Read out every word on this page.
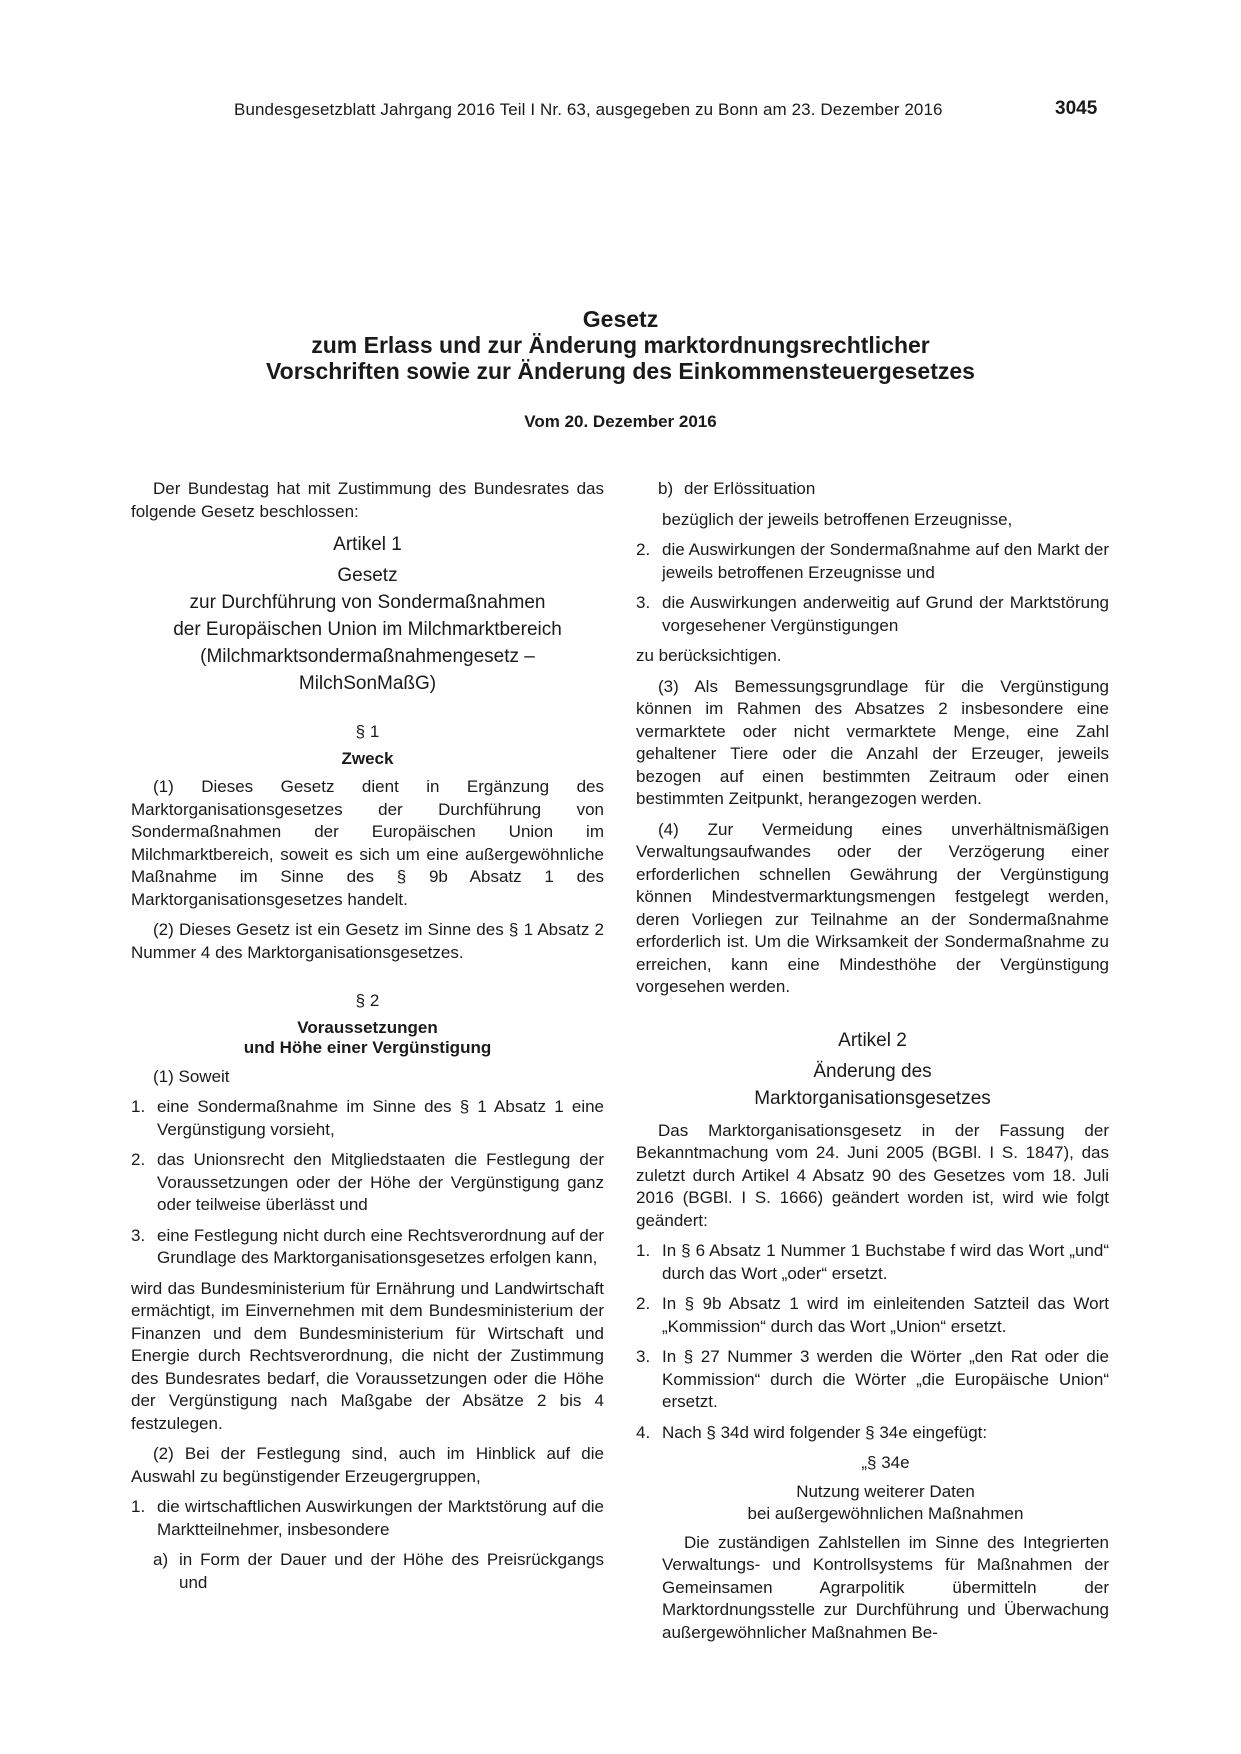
Bundesgesetzblatt Jahrgang 2016 Teil I Nr. 63, ausgegeben zu Bonn am 23. Dezember 2016	3045
Gesetz
zum Erlass und zur Änderung marktordnungsrechtlicher
Vorschriften sowie zur Änderung des Einkommensteuergesetzes
Vom 20. Dezember 2016

Der Bundestag hat mit Zustimmung des Bundesrates das folgende Gesetz beschlossen:

Artikel 1
Gesetz
zur Durchführung von Sondermaßnahmen
der Europäischen Union im Milchmarktbereich
(Milchmarktsondermaßnahmengesetz –
MilchSonMaßG)
§ 1
Zweck

(1) Dieses Gesetz dient in Ergänzung des Marktorganisationsgesetzes der Durchführung von Sondermaßnahmen der Europäischen Union im Milchmarktbereich, soweit es sich um eine außergewöhnliche Maßnahme im Sinne des § 9b Absatz 1 des Marktorganisationsgesetzes handelt.

(2) Dieses Gesetz ist ein Gesetz im Sinne des § 1 Absatz 2 Nummer 4 des Marktorganisationsgesetzes.

§ 2
Voraussetzungen
und Höhe einer Vergünstigung

(1) Soweit

1. eine Sondermaßnahme im Sinne des § 1 Absatz 1 eine Vergünstigung vorsieht,
2. das Unionsrecht den Mitgliedstaaten die Festlegung der Voraussetzungen oder der Höhe der Vergünstigung ganz oder teilweise überlässt und
3. eine Festlegung nicht durch eine Rechtsverordnung auf der Grundlage des Marktorganisationsgesetzes erfolgen kann,

wird das Bundesministerium für Ernährung und Landwirtschaft ermächtigt, im Einvernehmen mit dem Bundesministerium der Finanzen und dem Bundesministerium für Wirtschaft und Energie durch Rechtsverordnung, die nicht der Zustimmung des Bundesrates bedarf, die Voraussetzungen oder die Höhe der Vergünstigung nach Maßgabe der Absätze 2 bis 4 festzulegen.

(2) Bei der Festlegung sind, auch im Hinblick auf die Auswahl zu begünstigender Erzeugergruppen,

1. die wirtschaftlichen Auswirkungen der Marktstörung auf die Marktteilnehmer, insbesondere
a) in Form der Dauer und der Höhe des Preisrückgangs und
b) der Erlössituation

bezüglich der jeweils betroffenen Erzeugnisse,

2. die Auswirkungen der Sondermaßnahme auf den Markt der jeweils betroffenen Erzeugnisse und
3. die Auswirkungen anderweitig auf Grund der Marktstörung vorgesehener Vergünstigungen

zu berücksichtigen.

(3) Als Bemessungsgrundlage für die Vergünstigung können im Rahmen des Absatzes 2 insbesondere eine vermarktete oder nicht vermarktete Menge, eine Zahl gehaltener Tiere oder die Anzahl der Erzeuger, jeweils bezogen auf einen bestimmten Zeitraum oder einen bestimmten Zeitpunkt, herangezogen werden.

(4) Zur Vermeidung eines unverhältnismäßigen Verwaltungsaufwandes oder der Verzögerung einer erforderlichen schnellen Gewährung der Vergünstigung können Mindestvermarktungsmengen festgelegt werden, deren Vorliegen zur Teilnahme an der Sondermaßnahme erforderlich ist. Um die Wirksamkeit der Sondermaßnahme zu erreichen, kann eine Mindesthöhe der Vergünstigung vorgesehen werden.

Artikel 2
Änderung des
Marktorganisationsgesetzes

Das Marktorganisationsgesetz in der Fassung der Bekanntmachung vom 24. Juni 2005 (BGBl. I S. 1847), das zuletzt durch Artikel 4 Absatz 90 des Gesetzes vom 18. Juli 2016 (BGBl. I S. 1666) geändert worden ist, wird wie folgt geändert:

1. In § 6 Absatz 1 Nummer 1 Buchstabe f wird das Wort „und“ durch das Wort „oder“ ersetzt.
2. In § 9b Absatz 1 wird im einleitenden Satzteil das Wort „Kommission“ durch das Wort „Union“ ersetzt.
3. In § 27 Nummer 3 werden die Wörter „den Rat oder die Kommission“ durch die Wörter „die Europäische Union“ ersetzt.
4. Nach § 34d wird folgender § 34e eingefügt:
„§ 34e
Nutzung weiterer Daten
bei außergewöhnlichen Maßnahmen

Die zuständigen Zahlstellen im Sinne des Integrierten Verwaltungs- und Kontrollsystems für Maßnahmen der Gemeinsamen Agrarpolitik übermitteln der Marktordnungsstelle zur Durchführung und Überwachung außergewöhnlicher Maßnahmen Be-
